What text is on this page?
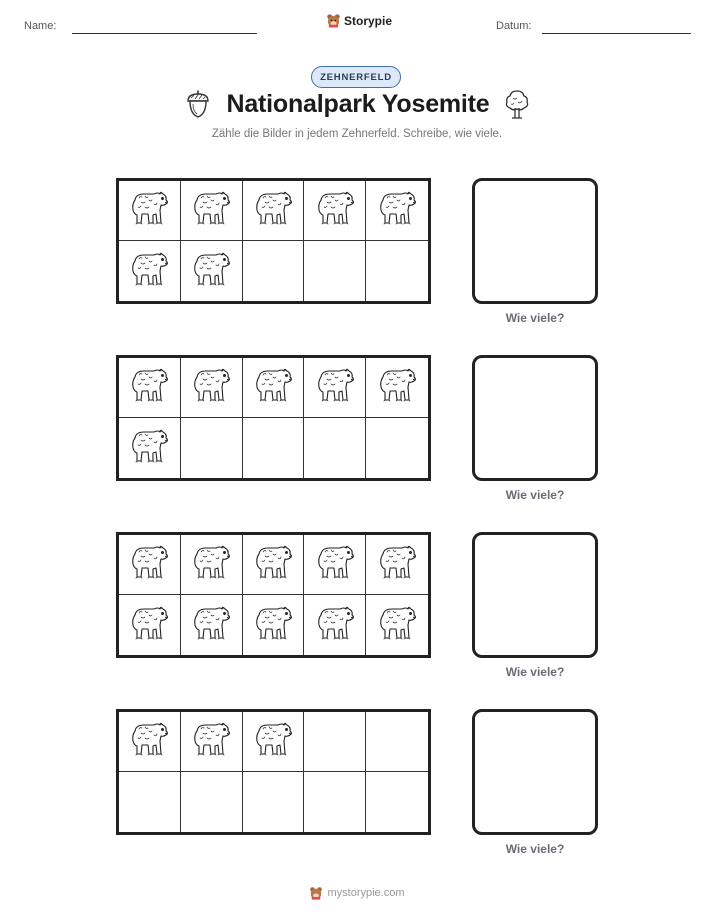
Name:	Storypie	Datum:
ZEHNERFELD
Nationalpark Yosemite
Zähle die Bilder in jedem Zehnerfeld. Schreibe, wie viele.
Wie viele?
Wie viele?
Wie viele?
Wie viele?
mystorypie.com
